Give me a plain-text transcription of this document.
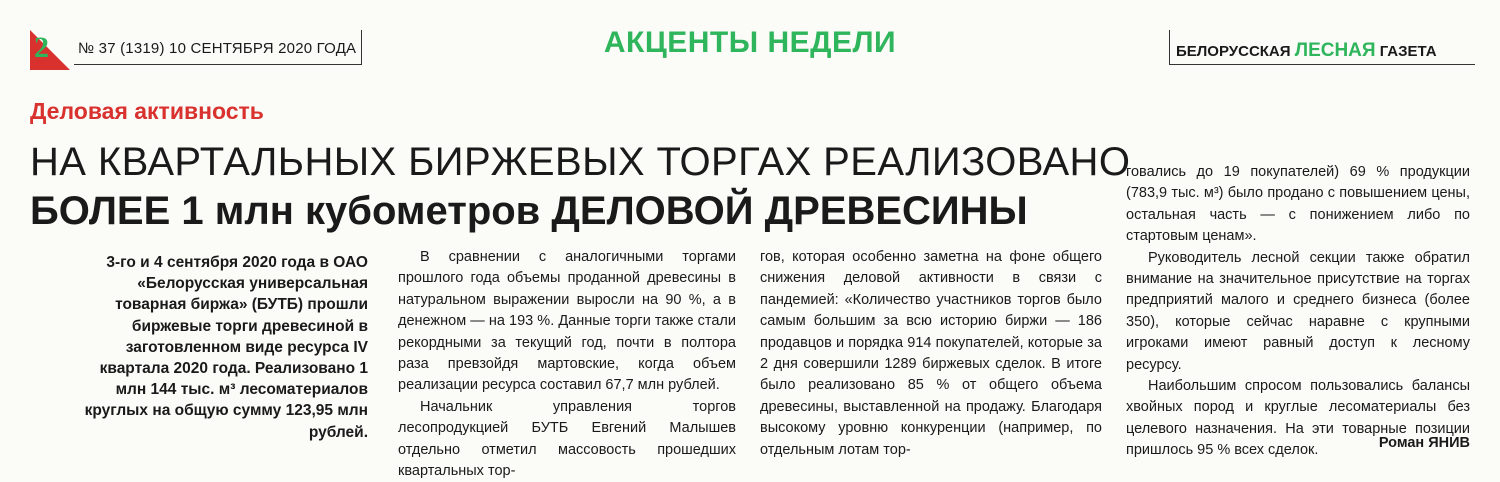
2 № 37 (1319) 10 СЕНТЯБРЯ 2020 ГОДА	АКЦЕНТЫ НЕДЕЛИ	БЕЛОРУССКАЯ ЛЕСНАЯ ГАЗЕТА
Деловая активность
НА КВАРТАЛЬНЫХ БИРЖЕВЫХ ТОРГАХ РЕАЛИЗОВАНО
БОЛЕЕ 1 млн кубометров ДЕЛОВОЙ ДРЕВЕСИНЫ
3-го и 4 сентября 2020 года в ОАО «Белорусская универсальная товарная биржа» (БУТБ) прошли биржевые торги древесиной в заготовленном виде ресурса IV квартала 2020 года. Реализовано 1 млн 144 тыс. м³ лесоматериалов круглых на общую сумму 123,95 млн рублей.

В сравнении с аналогичными торгами прошлого года объемы проданной древесины в натуральном выражении выросли на 90 %, а в денежном — на 193 %. Данные торги также стали рекордными за текущий год, почти в полтора раза превзойдя мартовские, когда объем реализации ресурса составил 67,7 млн рублей.

Начальник управления торгов лесопродукцией БУТБ Евгений Малышев отдельно отметил массовость прошедших квартальных тор-

гов, которая особенно заметна на фоне общего снижения деловой активности в связи с пандемией: «Количество участников торгов было самым большим за всю историю биржи — 186 продавцов и порядка 914 покупателей, которые за 2 дня совершили 1289 биржевых сделок. В итоге было реализовано 85 % от общего объема древесины, выставленной на продажу. Благодаря высокому уровню конкуренции (например, по отдельным лотам тор-

говались до 19 покупателей) 69 % продукции (783,9 тыс. м³) было продано с повышением цены, остальная часть — с понижением либо по стартовым ценам».

Руководитель лесной секции также обратил внимание на значительное присутствие на торгах предприятий малого и среднего бизнеса (более 350), которые сейчас наравне с крупными игроками имеют равный доступ к лесному ресурсу.

Наибольшим спросом пользовались балансы хвойных пород и круглые лесоматериалы без целевого назначения. На эти товарные позиции пришлось 95 % всех сделок.	Роман ЯНИВ
